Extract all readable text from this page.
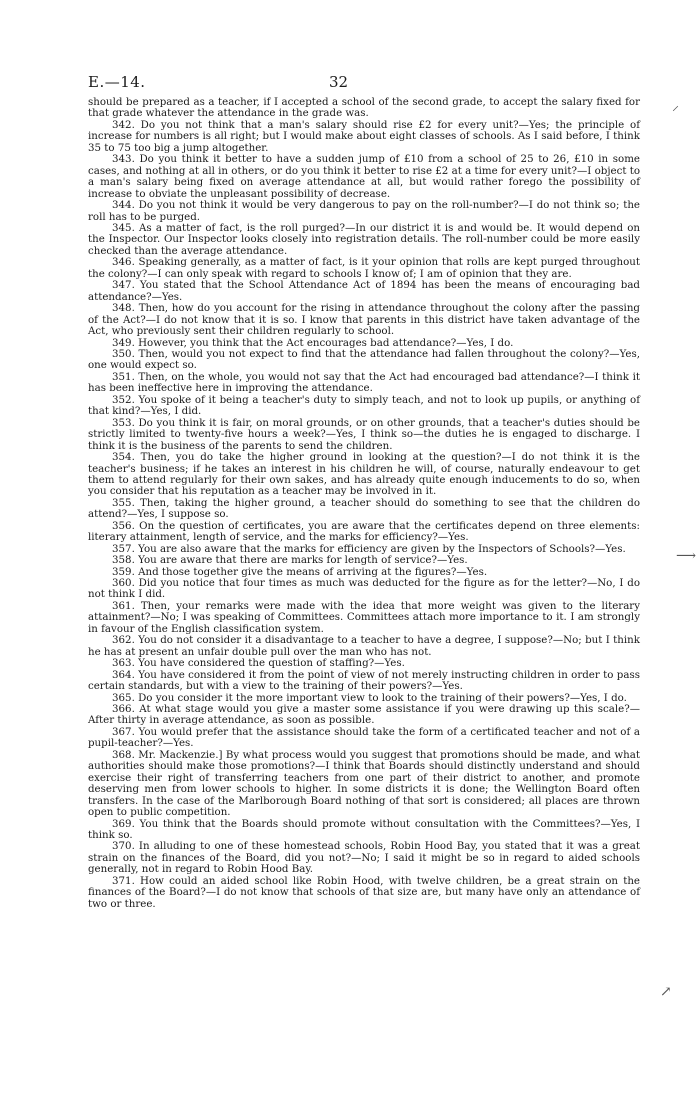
E.—14.	32

should be prepared as a teacher, if I accepted a school of the second grade, to accept the salary fixed for that grade whatever the attendance in the grade was.

342. Do you not think that a man's salary should rise £2 for every unit?—Yes; the principle of increase for numbers is all right; but I would make about eight classes of schools. As I said before, I think 35 to 75 too big a jump altogether.

343. Do you think it better to have a sudden jump of £10 from a school of 25 to 26, £10 in some cases, and nothing at all in others, or do you think it better to rise £2 at a time for every unit?—I object to a man's salary being fixed on average attendance at all, but would rather forego the possibility of increase to obviate the unpleasant possibility of decrease.

344. Do you not think it would be very dangerous to pay on the roll-number?—I do not think so; the roll has to be purged.

345. As a matter of fact, is the roll purged?—In our district it is and would be. It would depend on the Inspector. Our Inspector looks closely into registration details. The roll-number could be more easily checked than the average attendance.

346. Speaking generally, as a matter of fact, is it your opinion that rolls are kept purged throughout the colony?—I can only speak with regard to schools I know of; I am of opinion that they are.

347. You stated that the School Attendance Act of 1894 has been the means of encouraging bad attendance?—Yes.

348. Then, how do you account for the rising in attendance throughout the colony after the passing of the Act?—I do not know that it is so. I know that parents in this district have taken advantage of the Act, who previously sent their children regularly to school.

349. However, you think that the Act encourages bad attendance?—Yes, I do.

350. Then, would you not expect to find that the attendance had fallen throughout the colony?—Yes, one would expect so.

351. Then, on the whole, you would not say that the Act had encouraged bad attendance?—I think it has been ineffective here in improving the attendance.

352. You spoke of it being a teacher's duty to simply teach, and not to look up pupils, or anything of that kind?—Yes, I did.

353. Do you think it is fair, on moral grounds, or on other grounds, that a teacher's duties should be strictly limited to twenty-five hours a week?—Yes, I think so—the duties he is engaged to discharge. I think it is the business of the parents to send the children.

354. Then, you do take the higher ground in looking at the question?—I do not think it is the teacher's business; if he takes an interest in his children he will, of course, naturally endeavour to get them to attend regularly for their own sakes, and has already quite enough inducements to do so, when you consider that his reputation as a teacher may be involved in it.

355. Then, taking the higher ground, a teacher should do something to see that the children do attend?—Yes, I suppose so.

356. On the question of certificates, you are aware that the certificates depend on three elements: literary attainment, length of service, and the marks for efficiency?—Yes.

357. You are also aware that the marks for efficiency are given by the Inspectors of Schools?—Yes.

358. You are aware that there are marks for length of service?—Yes.

359. And those together give the means of arriving at the figures?—Yes.

360. Did you notice that four times as much was deducted for the figure as for the letter?—No, I do not think I did.

361. Then, your remarks were made with the idea that more weight was given to the literary attainment?—No; I was speaking of Committees. Committees attach more importance to it. I am strongly in favour of the English classification system.

362. You do not consider it a disadvantage to a teacher to have a degree, I suppose?—No; but I think he has at present an unfair double pull over the man who has not.

363. You have considered the question of staffing?—Yes.

364. You have considered it from the point of view of not merely instructing children in order to pass certain standards, but with a view to the training of their powers?—Yes.

365. Do you consider it the more important view to look to the training of their powers?—Yes, I do.

366. At what stage would you give a master some assistance if you were drawing up this scale?—After thirty in average attendance, as soon as possible.

367. You would prefer that the assistance should take the form of a certificated teacher and not of a pupil-teacher?—Yes.

368. Mr. Mackenzie.] By what process would you suggest that promotions should be made, and what authorities should make those promotions?—I think that Boards should distinctly understand and should exercise their right of transferring teachers from one part of their district to another, and promote deserving men from lower schools to higher. In some districts it is done; the Wellington Board often transfers. In the case of the Marlborough Board nothing of that sort is considered; all places are thrown open to public competition.

369. You think that the Boards should promote without consultation with the Committees?—Yes, I think so.

370. In alluding to one of these homestead schools, Robin Hood Bay, you stated that it was a great strain on the finances of the Board, did you not?—No; I said it might be so in regard to aided schools generally, not in regard to Robin Hood Bay.

371. How could an aided school like Robin Hood, with twelve children, be a great strain on the finances of the Board?—I do not know that schools of that size are, but many have only an attendance of two or three.

⸝
⟶
↗
